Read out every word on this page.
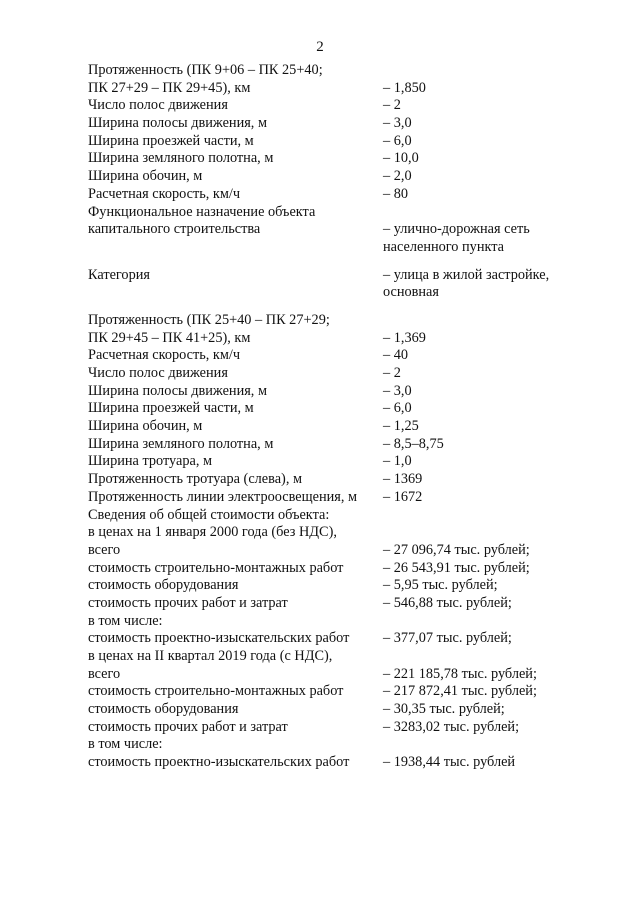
2
Протяженность (ПК 9+06 – ПК 25+40;
ПК 27+29 – ПК 29+45), км	– 1,850
Число полос движения	– 2
Ширина полосы движения, м	– 3,0
Ширина проезжей части, м	– 6,0
Ширина земляного полотна, м	– 10,0
Ширина обочин, м	– 2,0
Расчетная скорость, км/ч	– 80
Функциональное назначение объекта
капитального строительства	– улично-дорожная сеть
населенного пункта
Категория	– улица в жилой застройке,
основная
Протяженность (ПК 25+40 – ПК 27+29;
ПК 29+45 – ПК 41+25), км	– 1,369
Расчетная скорость, км/ч	– 40
Число полос движения	– 2
Ширина полосы движения, м	– 3,0
Ширина проезжей части, м	– 6,0
Ширина обочин, м	– 1,25
Ширина земляного полотна, м	– 8,5–8,75
Ширина тротуара, м	– 1,0
Протяженность тротуара (слева), м	– 1369
Протяженность линии электроосвещения, м – 1672
Сведения об общей стоимости объекта:
в ценах на 1 января 2000 года (без НДС),
всего	– 27 096,74 тыс. рублей;
стоимость строительно-монтажных работ	– 26 543,91 тыс. рублей;
стоимость оборудования	– 5,95 тыс. рублей;
стоимость прочих работ и затрат	– 546,88 тыс. рублей;
в том числе:
стоимость проектно-изыскательских работ – 377,07 тыс. рублей;
в ценах на II квартал 2019 года (с НДС),
всего	– 221 185,78 тыс. рублей;
стоимость строительно-монтажных работ	– 217 872,41 тыс. рублей;
стоимость оборудования	– 30,35 тыс. рублей;
стоимость прочих работ и затрат	– 3283,02 тыс. рублей;
в том числе:
стоимость проектно-изыскательских работ – 1938,44 тыс. рублей
